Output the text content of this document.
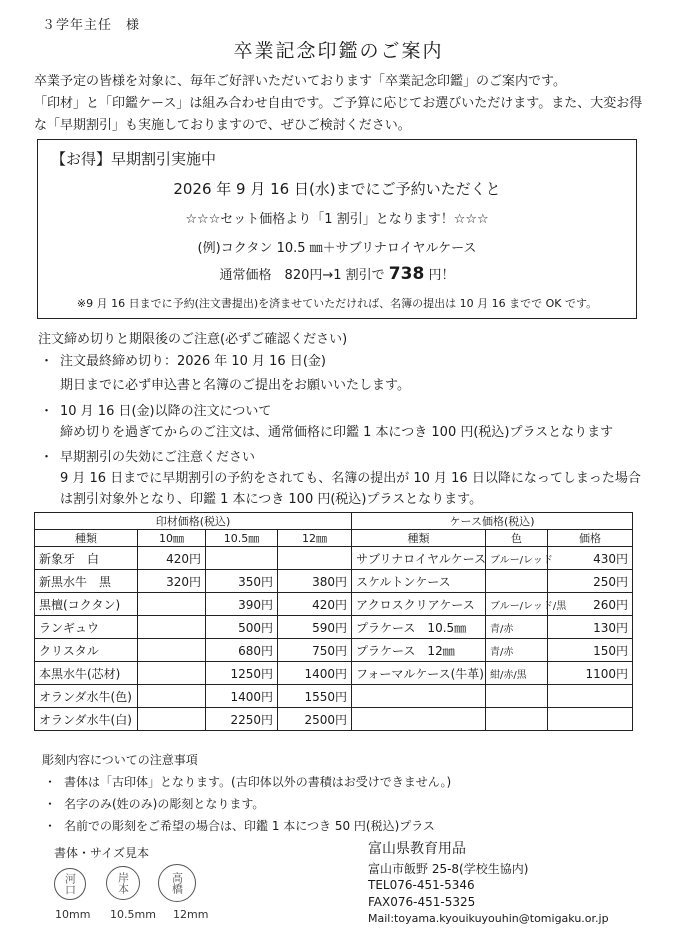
３学年主任　様
卒業記念印鑑のご案内
卒業予定の皆様を対象に、毎年ご好評いただいております「卒業記念印鑑」のご案内です。
「印材」と「印鑑ケース」は組み合わせ自由です。ご予算に応じてお選びいただけます。また、大変お得
な「早期割引」も実施しておりますので、ぜひご検討ください。
【お得】早期割引実施中
2026 年 9 月 16 日(水)までにご予約いただくと
☆☆☆セット価格より「1 割引」となります！☆☆☆
(例)コクタン 10.5 ㎜＋サブリナロイヤルケース
通常価格　820円→1 割引で 738 円！
※9 月 16 日までに予約(注文書提出)を済ませていただければ、名簿の提出は 10 月 16 までで OK です。
注文締め切りと期限後のご注意(必ずご確認ください)
・ 注文最終締め切り：2026 年 10 月 16 日(金)
期日までに必ず申込書と名簿のご提出をお願いいたします。
・ 10 月 16 日(金)以降の注文について
締め切りを過ぎてからのご注文は、通常価格に印鑑 1 本につき 100 円(税込)プラスとなります
・ 早期割引の失効にご注意ください
9 月 16 日までに早期割引の予約をされても、名簿の提出が 10 月 16 日以降になってしまった場合
は割引対象外となり、印鑑 1 本につき 100 円(税込)プラスとなります。
印材価格(税込)				ケース価格(税込)		
種類	10㎜	10.5㎜	12㎜	種類	色	価格
新象牙　白	420円			サブリナロイヤルケース	ブルー/レッド	430円
新黒水牛　黒	320円	350円	380円	スケルトンケース		250円
黒檀(コクタン)		390円	420円	アクロスクリアケース	ブルー/レッド/黒	260円
ランギュウ		500円	590円	プラケース　10.5㎜	青/赤	130円
クリスタル		680円	750円	プラケース　12㎜	青/赤	150円
本黒水牛(芯材)		1250円	1400円	フォーマルケース(牛革)	紺/赤/黒	1100円
オランダ水牛(色)		1400円	1550円			
オランダ水牛(白)		2250円	2500円			
彫刻内容についての注意事項
・ 書体は「古印体」となります。(古印体以外の書積はお受けできません。)
・ 名字のみ(姓のみ)の彫刻となります。
・ 名前での彫刻をご希望の場合は、印鑑 1 本につき 50 円(税込)プラス
書体・サイズ見本
河口	岸本	高橋
10mm 10.5mm 12mm
富山県教育用品
富山市飯野 25-8(学校生協内)
TEL076-451-5346
FAX076-451-5325
Mail:toyama.kyouikuyouhin@tomigaku.or.jp
